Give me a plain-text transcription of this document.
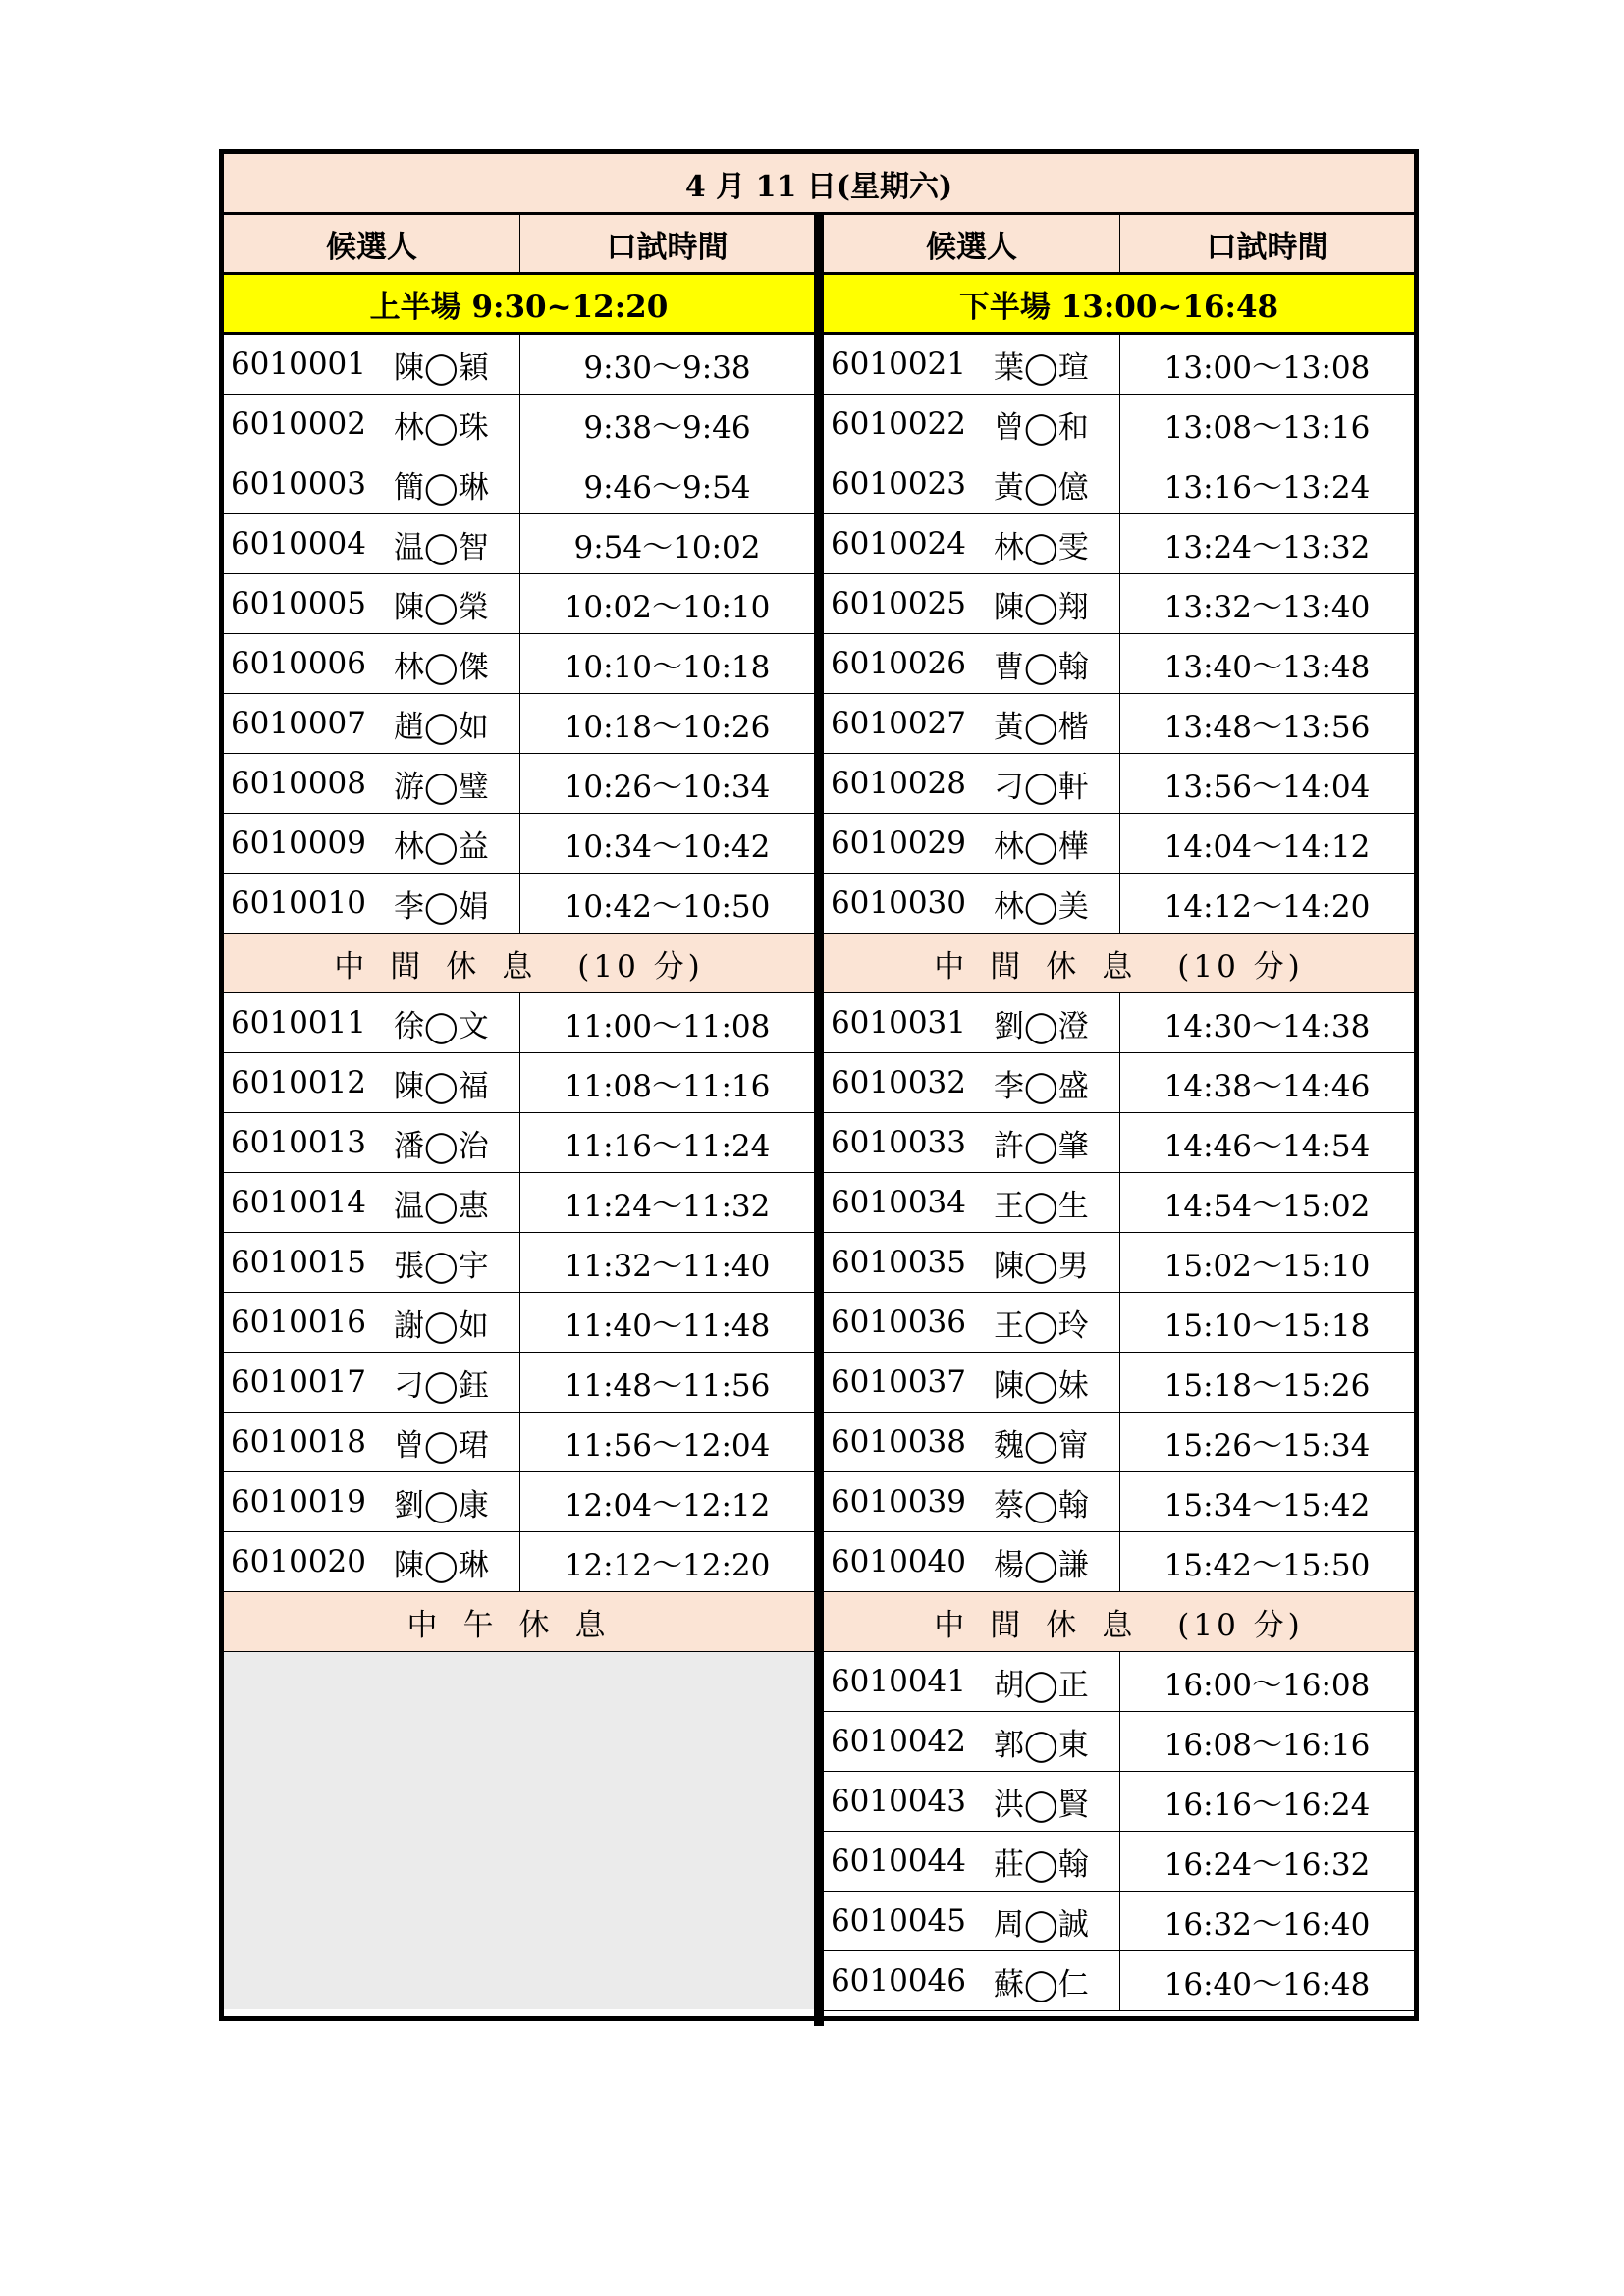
4 月 11 日(星期六)
候選人	口試時間
上半場 9:30~12:20
6010001 陳◯穎	9:30～9:38
6010002 林◯珠	9:38～9:46
6010003 簡◯琳	9:46～9:54
6010004 温◯智	9:54～10:02
6010005 陳◯榮	10:02～10:10
6010006 林◯傑	10:10～10:18
6010007 趙◯如	10:18～10:26
6010008 游◯璧	10:26～10:34
6010009 林◯益	10:34～10:42
6010010 李◯娟	10:42～10:50
中間休息 (10 分)
6010011 徐◯文	11:00～11:08
6010012 陳◯福	11:08～11:16
6010013 潘◯治	11:16～11:24
6010014 温◯惠	11:24～11:32
6010015 張◯宇	11:32～11:40
6010016 謝◯如	11:40～11:48
6010017 刁◯鈺	11:48～11:56
6010018 曾◯珺	11:56～12:04
6010019 劉◯康	12:04～12:12
6010020 陳◯琳	12:12～12:20
中午休息
候選人	口試時間
下半場 13:00~16:48
6010021 葉◯瑄	13:00～13:08
6010022 曾◯和	13:08～13:16
6010023 黃◯億	13:16～13:24
6010024 林◯雯	13:24～13:32
6010025 陳◯翔	13:32～13:40
6010026 曹◯翰	13:40～13:48
6010027 黃◯楷	13:48～13:56
6010028 刁◯軒	13:56～14:04
6010029 林◯樺	14:04～14:12
6010030 林◯美	14:12～14:20
中間休息 (10 分)
6010031 劉◯澄	14:30～14:38
6010032 李◯盛	14:38～14:46
6010033 許◯肇	14:46～14:54
6010034 王◯生	14:54～15:02
6010035 陳◯男	15:02～15:10
6010036 王◯玲	15:10～15:18
6010037 陳◯妹	15:18～15:26
6010038 魏◯甯	15:26～15:34
6010039 蔡◯翰	15:34～15:42
6010040 楊◯謙	15:42～15:50
中間休息 (10 分)
6010041 胡◯正	16:00～16:08
6010042 郭◯東	16:08～16:16
6010043 洪◯賢	16:16～16:24
6010044 莊◯翰	16:24～16:32
6010045 周◯誠	16:32～16:40
6010046 蘇◯仁	16:40～16:48
